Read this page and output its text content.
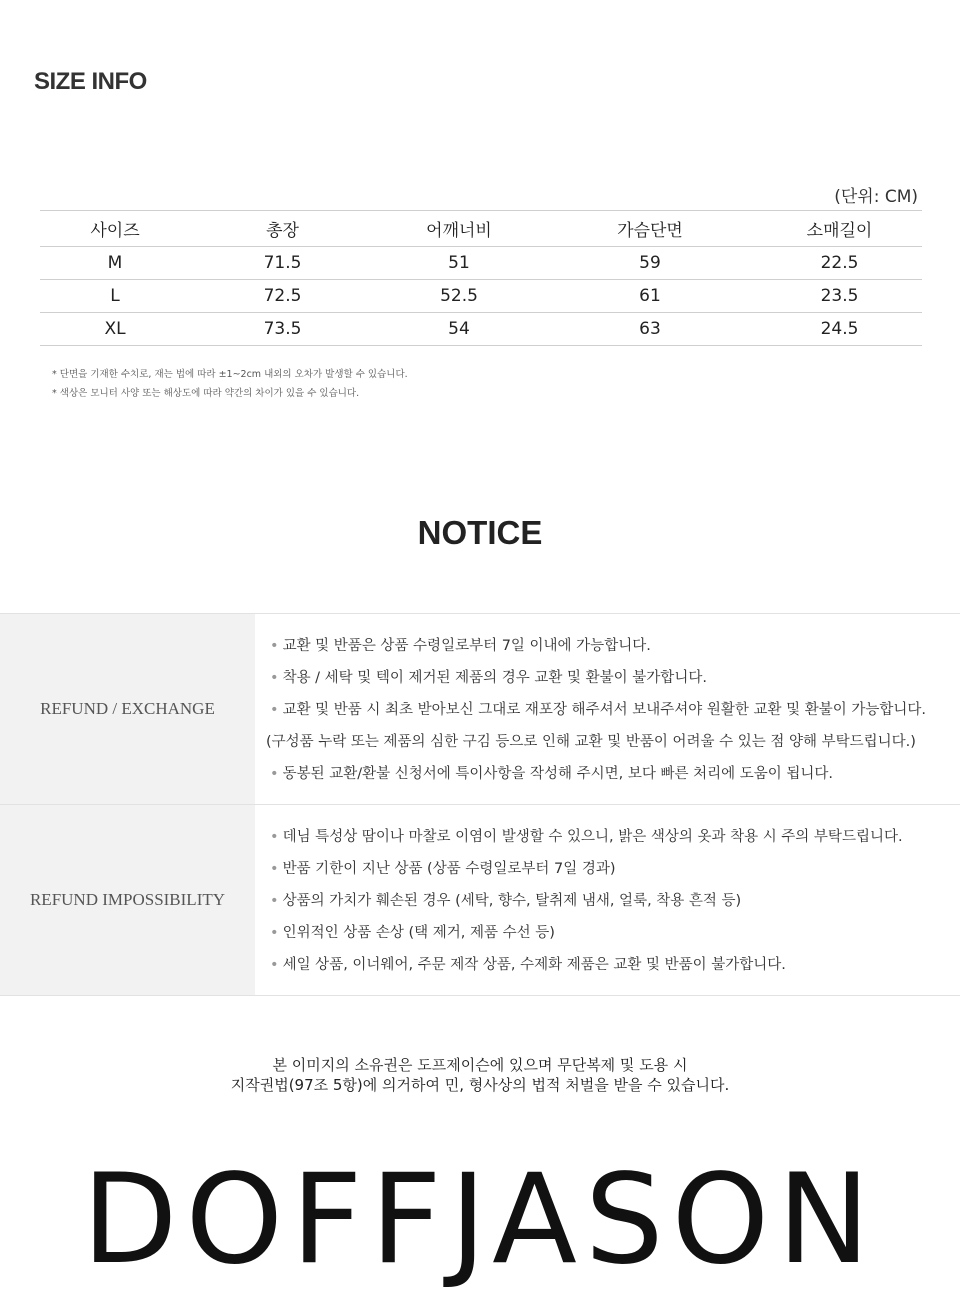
SIZE INFO
(단위: CM)
사이즈	총장	어깨너비	가슴단면	소매길이
M	71.5	51	59	22.5
L	72.5	52.5	61	23.5
XL	73.5	54	63	24.5
* 단면을 기재한 수치로, 재는 법에 따라 ±1~2cm 내외의 오차가 발생할 수 있습니다.
* 색상은 모니터 사양 또는 해상도에 따라 약간의 차이가 있을 수 있습니다.
NOTICE
REFUND / EXCHANGE
• 교환 및 반품은 상품 수령일로부터 7일 이내에 가능합니다.
• 착용 / 세탁 및 텍이 제거된 제품의 경우 교환 및 환불이 불가합니다.
• 교환 및 반품 시 최초 받아보신 그대로 재포장 해주셔서 보내주셔야 원활한 교환 및 환불이 가능합니다.
(구성품 누락 또는 제품의 심한 구김 등으로 인해 교환 및 반품이 어려울 수 있는 점 양해 부탁드립니다.)
• 동봉된 교환/환불 신청서에 특이사항을 작성해 주시면, 보다 빠른 처리에 도움이 됩니다.
REFUND IMPOSSIBILITY
• 데님 특성상 땀이나 마찰로 이염이 발생할 수 있으니, 밝은 색상의 옷과 착용 시 주의 부탁드립니다.
• 반품 기한이 지난 상품 (상품 수령일로부터 7일 경과)
• 상품의 가치가 훼손된 경우 (세탁, 향수, 탈취제 냄새, 얼룩, 착용 흔적 등)
• 인위적인 상품 손상 (택 제거, 제품 수선 등)
• 세일 상품, 이너웨어, 주문 제작 상품, 수제화 제품은 교환 및 반품이 불가합니다.
본 이미지의 소유권은 도프제이슨에 있으며 무단복제 및 도용 시
지작권법(97조 5항)에 의거하여 민, 형사상의 법적 처벌을 받을 수 있습니다.
DOFFJASON
